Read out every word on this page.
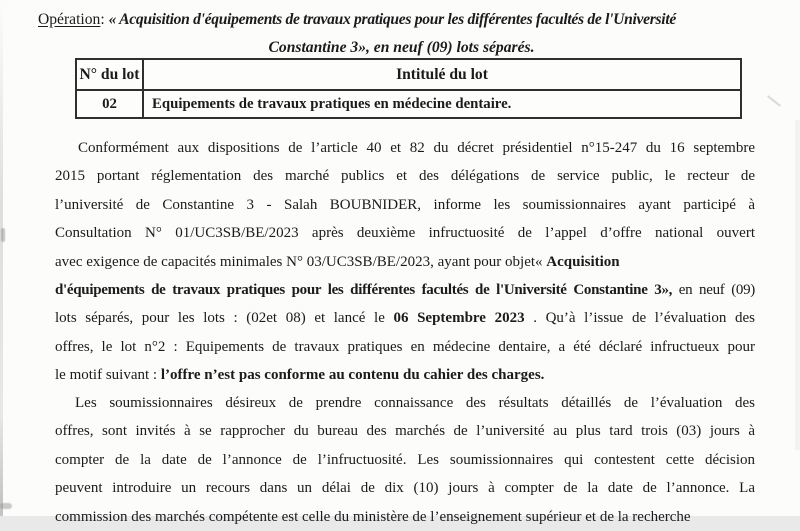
Opération: « Acquisition d'équipements de travaux pratiques pour les différentes facultés de l'Université
Constantine 3», en neuf (09) lots séparés.
N° du lot	Intitulé du lot
02	Equipements de travaux pratiques en médecine dentaire.
Conformément aux dispositions de l’article 40 et 82 du décret présidentiel n°15-247 du 16 septembre
2015 portant réglementation des marché publics et des délégations de service public, le recteur de
l’université de Constantine 3 - Salah BOUBNIDER, informe les soumissionnaires ayant participé à
Consultation N° 01/UC3SB/BE/2023 après deuxième infructuosité de l’appel d’offre national ouvert
avec exigence de capacités minimales N° 03/UC3SB/BE/2023, ayant pour objet« Acquisition
d'équipements de travaux pratiques pour les différentes facultés de l'Université Constantine 3», en neuf (09)
lots séparés, pour les lots : (02et 08) et lancé le 06 Septembre 2023 . Qu’à l’issue de l’évaluation des
offres, le lot n°2 : Equipements de travaux pratiques en médecine dentaire, a été déclaré infructueux pour
le motif suivant : l’offre n’est pas conforme au contenu du cahier des charges.
Les soumissionnaires désireux de prendre connaissance des résultats détaillés de l’évaluation des
offres, sont invités à se rapprocher du bureau des marchés de l’université au plus tard trois (03) jours à
compter de la date de l’annonce de l’infructuosité. Les soumissionnaires qui contestent cette décision
peuvent introduire un recours dans un délai de dix (10) jours à compter de la date de l’annonce. La
commission des marchés compétente est celle du ministère de l’enseignement supérieur et de la recherche
